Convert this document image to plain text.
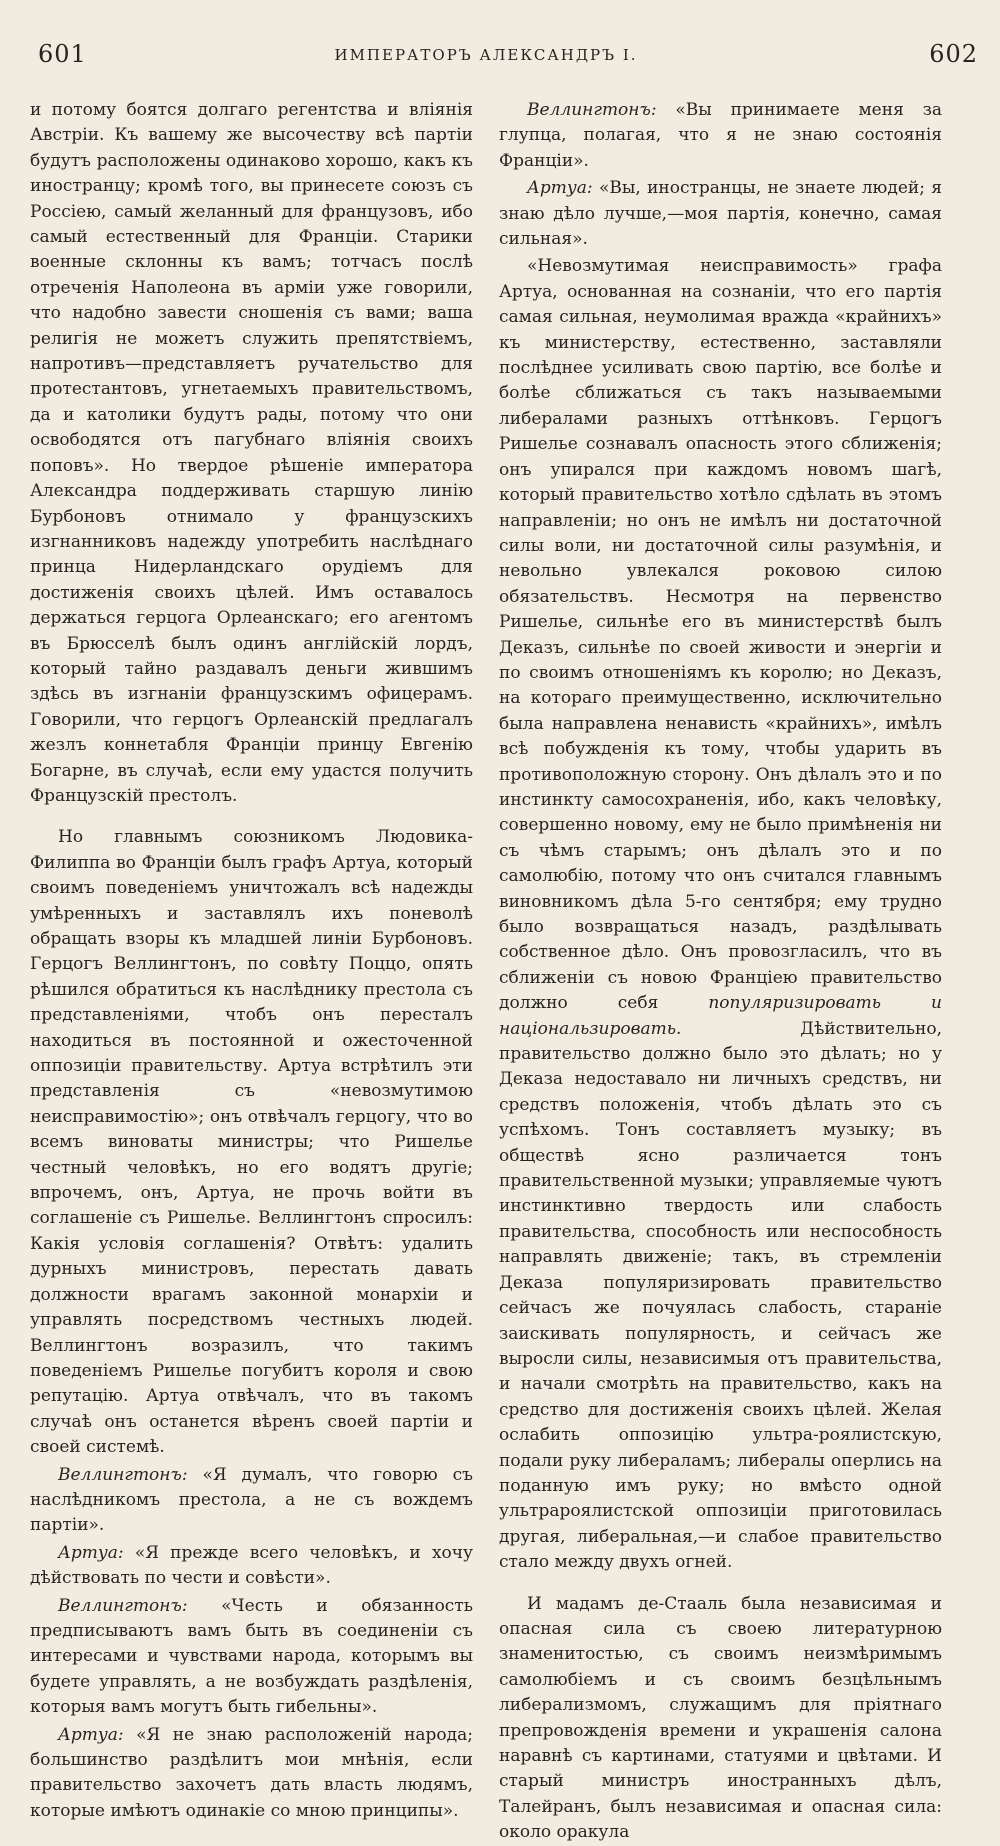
601	ИМПЕРАТОРЪ АЛЕКСАНДРЪ I.	602

и потому боятся долгаго регентства и вліянія Австріи. Къ вашему же высочеству всѣ партіи будутъ расположены одинаково хорошо, какъ къ иностранцу; кромѣ того, вы принесете союзъ съ Россіею, самый желанный для французовъ, ибо самый естественный для Франціи. Старики военные склонны къ вамъ; тотчасъ послѣ отреченія Наполеона въ арміи уже говорили, что надобно завести сношенія съ вами; ваша религія не можетъ служить препятствіемъ, напротивъ—представляетъ ручательство для протестантовъ, угнетаемыхъ правительствомъ, да и католики будутъ рады, потому что они освободятся отъ пагубнаго вліянія своихъ поповъ». Но твердое рѣшеніе императора Александра поддерживать старшую линію Бурбоновъ отнимало у французскихъ изгнанниковъ надежду употребить наслѣднаго принца Нидерландскаго орудіемъ для достиженія своихъ цѣлей. Имъ оставалось держаться герцога Орлеанскаго; его агентомъ въ Брюсселѣ былъ одинъ англійскій лордъ, который тайно раздавалъ деньги жившимъ здѣсь въ изгнаніи французскимъ офицерамъ. Говорили, что герцогъ Орлеанскій предлагалъ жезлъ коннетабля Франціи принцу Евгенію Богарне, въ случаѣ, если ему удастся получить Французскій престолъ.

Но главнымъ союзникомъ Людовика-Филиппа во Франціи былъ графъ Артуа, который своимъ поведеніемъ уничтожалъ всѣ надежды умѣренныхъ и заставлялъ ихъ поневолѣ обращать взоры къ младшей линіи Бурбоновъ. Герцогъ Веллингтонъ, по совѣту Поццо, опять рѣшился обратиться къ наслѣднику престола съ представленіями, чтобъ онъ пересталъ находиться въ постоянной и ожесточенной оппозиціи правительству. Артуа встрѣтилъ эти представленія съ «невозмутимою неисправимостію»; онъ отвѣчалъ герцогу, что во всемъ виноваты министры; что Ришелье честный человѣкъ, но его водятъ другіе; впрочемъ, онъ, Артуа, не прочь войти въ соглашеніе съ Ришелье. Веллингтонъ спросилъ: Какія условія соглашенія? Отвѣтъ: удалить дурныхъ министровъ, перестать давать должности врагамъ законной монархіи и управлять посредствомъ честныхъ людей. Веллингтонъ возразилъ, что такимъ поведеніемъ Ришелье погубитъ короля и свою репутацію. Артуа отвѣчалъ, что въ такомъ случаѣ онъ останется вѣренъ своей партіи и своей системѣ.

Веллингтонъ: «Я думалъ, что говорю съ наслѣдникомъ престола, а не съ вождемъ партіи».

Артуа: «Я прежде всего человѣкъ, и хочу дѣйствовать по чести и совѣсти».

Веллингтонъ: «Честь и обязанность предписываютъ вамъ быть въ соединеніи съ интересами и чувствами народа, которымъ вы будете управлять, а не возбуждать раздѣленія, которыя вамъ могутъ быть гибельны».

Артуа: «Я не знаю расположеній народа; большинство раздѣлитъ мои мнѣнія, если правительство захочетъ дать власть людямъ, которые имѣютъ одинакіе со мною принципы».

Веллингтонъ: «Вы принимаете меня за глупца, полагая, что я не знаю состоянія Франціи».

Артуа: «Вы, иностранцы, не знаете людей; я знаю дѣло лучше,—моя партія, конечно, самая сильная».

«Невозмутимая неисправимость» графа Артуа, основанная на сознаніи, что его партія самая сильная, неумолимая вражда «крайнихъ» къ министерству, естественно, заставляли послѣднее усиливать свою партію, все болѣе и болѣе сближаться съ такъ называемыми либералами разныхъ оттѣнковъ. Герцогъ Ришелье сознавалъ опасность этого сближенія; онъ упирался при каждомъ новомъ шагѣ, который правительство хотѣло сдѣлать въ этомъ направленіи; но онъ не имѣлъ ни достаточной силы воли, ни достаточной силы разумѣнія, и невольно увлекался роковою силою обязательствъ. Несмотря на первенство Ришелье, сильнѣе его въ министерствѣ былъ Деказъ, сильнѣе по своей живости и энергіи и по своимъ отношеніямъ къ королю; но Деказъ, на котораго преимущественно, исключительно была направлена ненависть «крайнихъ», имѣлъ всѣ побужденія къ тому, чтобы ударить въ противоположную сторону. Онъ дѣлалъ это и по инстинкту самосохраненія, ибо, какъ человѣку, совершенно новому, ему не было примѣненія ни съ чѣмъ старымъ; онъ дѣлалъ это и по самолюбію, потому что онъ считался главнымъ виновникомъ дѣла 5-го сентября; ему трудно было возвращаться назадъ, раздѣлывать собственное дѣло. Онъ провозгласилъ, что въ сближеніи съ новою Франціею правительство должно себя	популяризировать и національзировать.	Дѣйствительно, правительство должно было это дѣлать; но у Деказа недоставало ни личныхъ средствъ, ни средствъ положенія, чтобъ дѣлать это съ успѣхомъ. Тонъ составляетъ музыку; въ обществѣ ясно различается тонъ правительственной музыки; управляемые чуютъ инстинктивно твердость или слабость правительства, способность или неспособность направлять движеніе; такъ, въ стремленіи Деказа популяризировать правительство сейчасъ же почуялась слабость, стараніе заискивать популярность, и сейчасъ же выросли силы, независимыя отъ правительства, и начали смотрѣть на правительство, какъ на средство для достиженія своихъ цѣлей. Желая ослабить оппозицію ультра-роялистскую, подали руку либераламъ; либералы оперлись на поданную имъ руку; но вмѣсто одной ультрароялистской оппозиціи приготовилась другая, либеральная,—и слабое правительство стало между двухъ огней.

И мадамъ де-Стааль была независимая и опасная сила съ своею литературною знаменитостью, съ своимъ неизмѣримымъ самолюбіемъ и съ своимъ безцѣльнымъ либерализмомъ, служащимъ для пріятнаго препровожденія времени и украшенія салона наравнѣ съ картинами, статуями и цвѣтами. И старый министръ иностранныхъ дѣлъ, Талейранъ, былъ независимая и опасная сила: около оракула
